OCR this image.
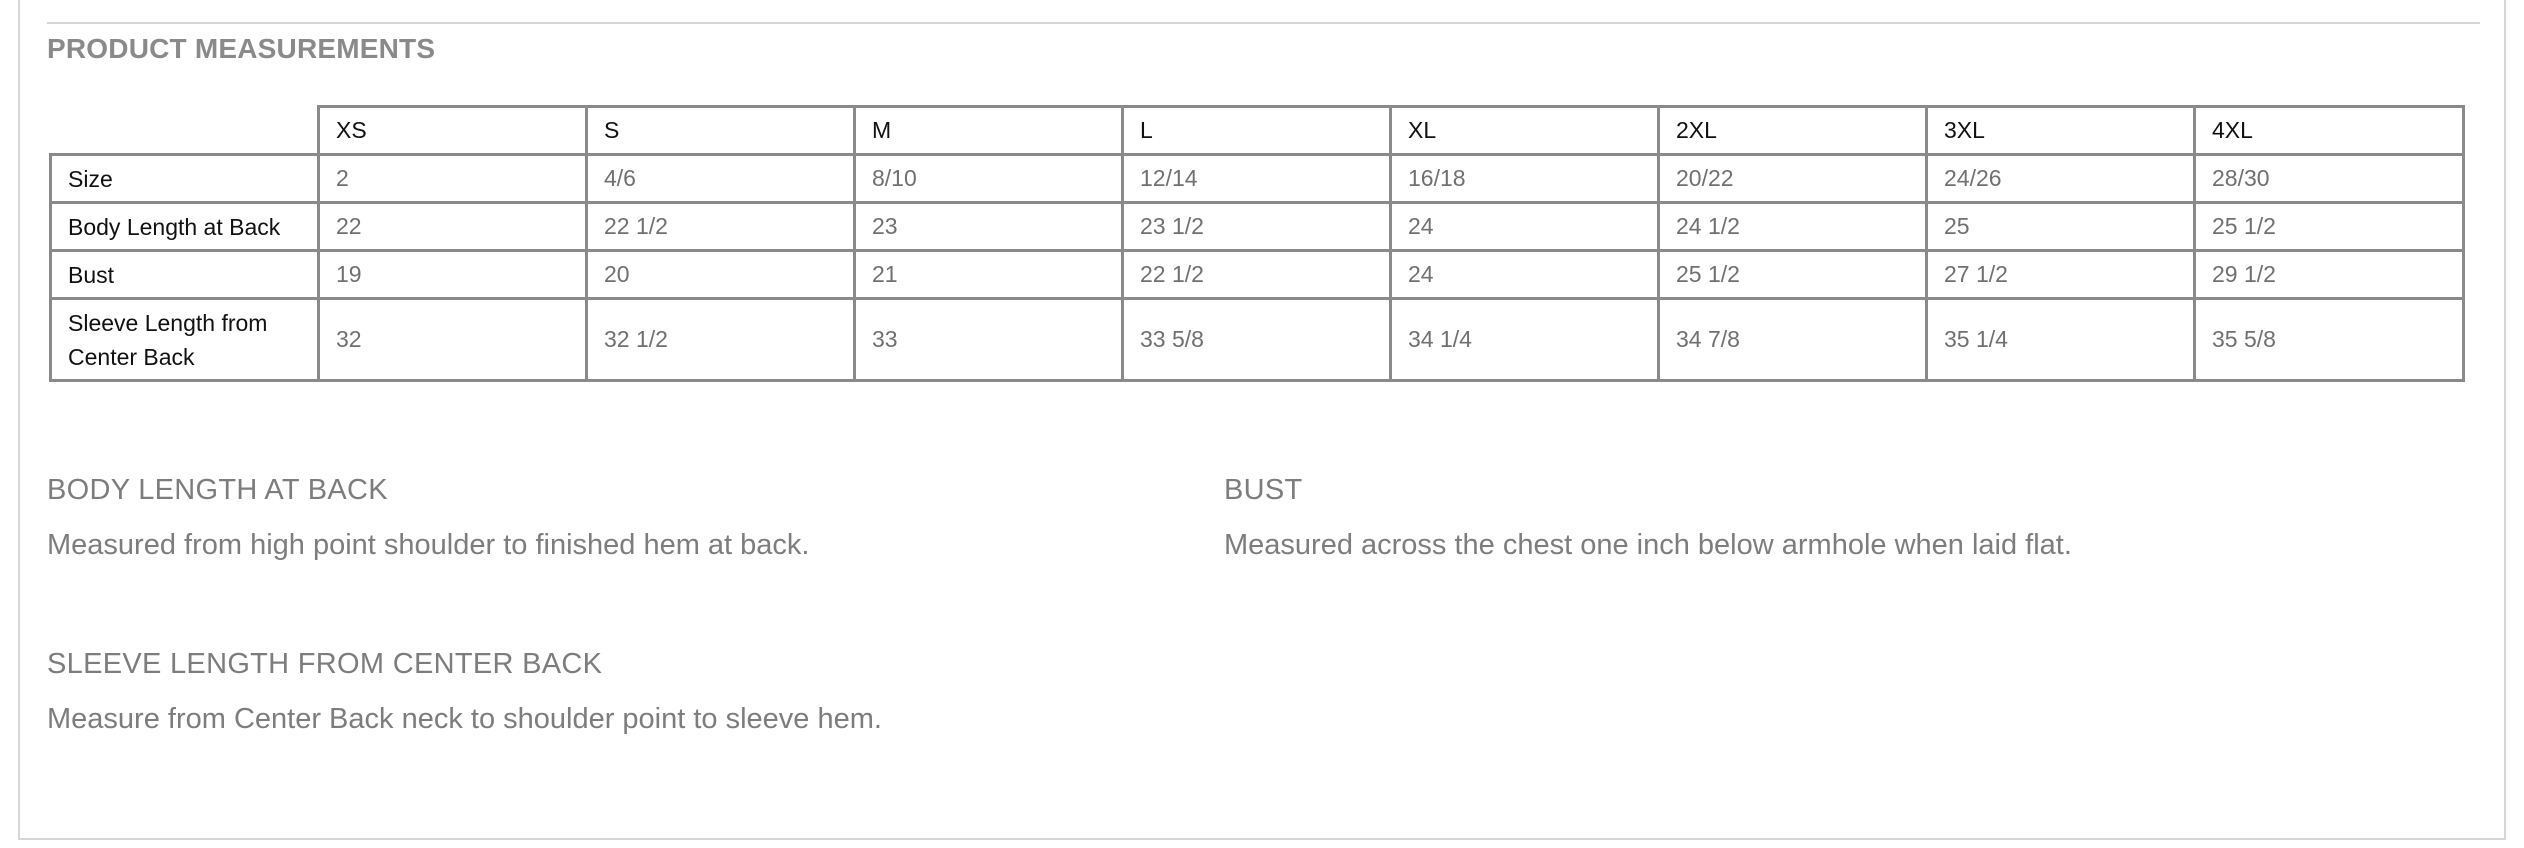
PRODUCT MEASUREMENTS
	XS	S	M	L	XL	2XL	3XL	4XL
Size	2	4/6	8/10	12/14	16/18	20/22	24/26	28/30
Body Length at Back	22	22 1/2	23	23 1/2	24	24 1/2	25	25 1/2
Bust	19	20	21	22 1/2	24	25 1/2	27 1/2	29 1/2
Sleeve Length from Center Back	32	32 1/2	33	33 5/8	34 1/4	34 7/8	35 1/4	35 5/8
BODY LENGTH AT BACK
Measured from high point shoulder to finished hem at back.
BUST
Measured across the chest one inch below armhole when laid flat.
SLEEVE LENGTH FROM CENTER BACK
Measure from Center Back neck to shoulder point to sleeve hem.
